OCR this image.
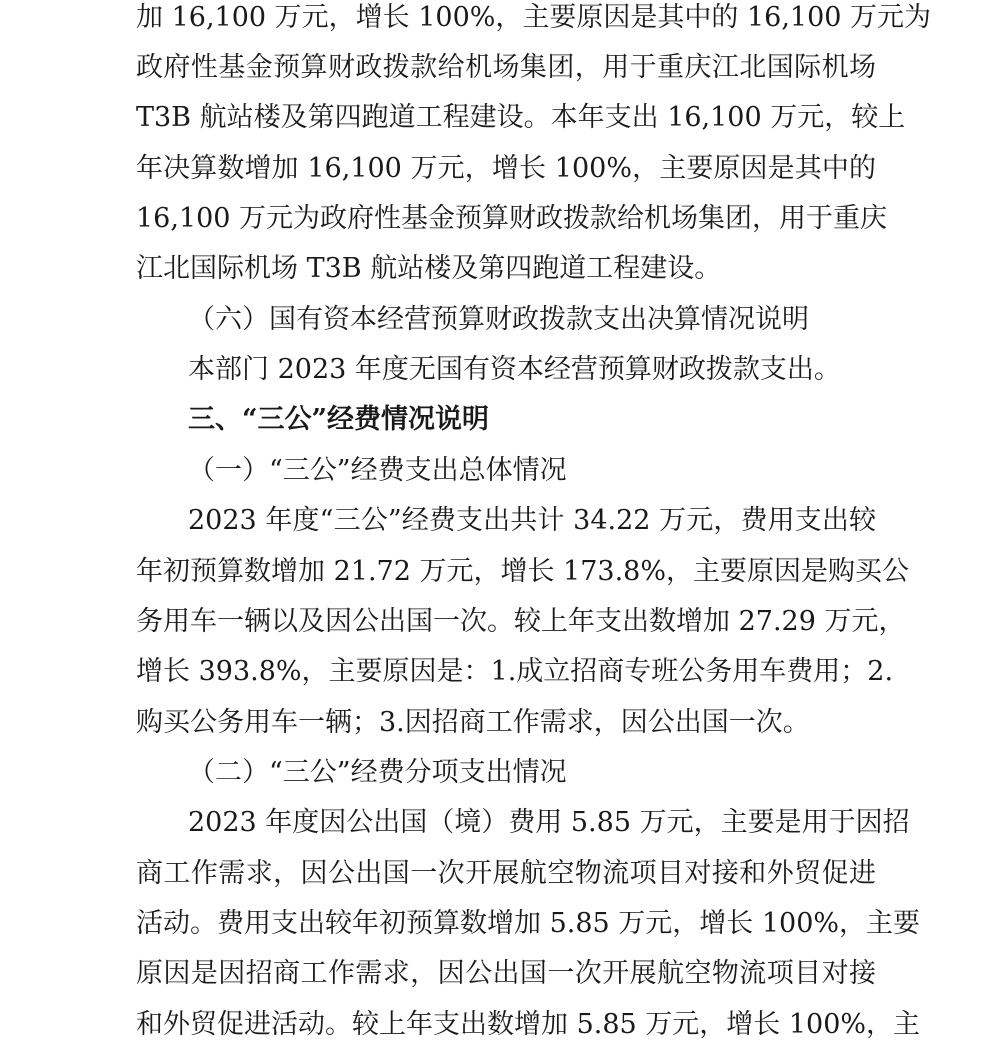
加 16,100 万元，增长 100%，主要原因是其中的 16,100 万元为

政府性基金预算财政拨款给机场集团，用于重庆江北国际机场

T3B 航站楼及第四跑道工程建设。本年支出 16,100 万元，较上

年决算数增加 16,100 万元，增长 100%，主要原因是其中的

16,100 万元为政府性基金预算财政拨款给机场集团，用于重庆

江北国际机场 T3B 航站楼及第四跑道工程建设。

（六）国有资本经营预算财政拨款支出决算情况说明

本部门 2023 年度无国有资本经营预算财政拨款支出。

三、“三公”经费情况说明

（一）“三公”经费支出总体情况

2023 年度“三公”经费支出共计 34.22 万元，费用支出较

年初预算数增加 21.72 万元，增长 173.8%，主要原因是购买公

务用车一辆以及因公出国一次。较上年支出数增加 27.29 万元，

增长 393.8%，主要原因是：1.成立招商专班公务用车费用；2.

购买公务用车一辆；3.因招商工作需求，因公出国一次。

（二）“三公”经费分项支出情况

2023 年度因公出国（境）费用 5.85 万元，主要是用于因招

商工作需求，因公出国一次开展航空物流项目对接和外贸促进

活动。费用支出较年初预算数增加 5.85 万元，增长 100%，主要

原因是因招商工作需求，因公出国一次开展航空物流项目对接

和外贸促进活动。较上年支出数增加 5.85 万元，增长 100%，主
